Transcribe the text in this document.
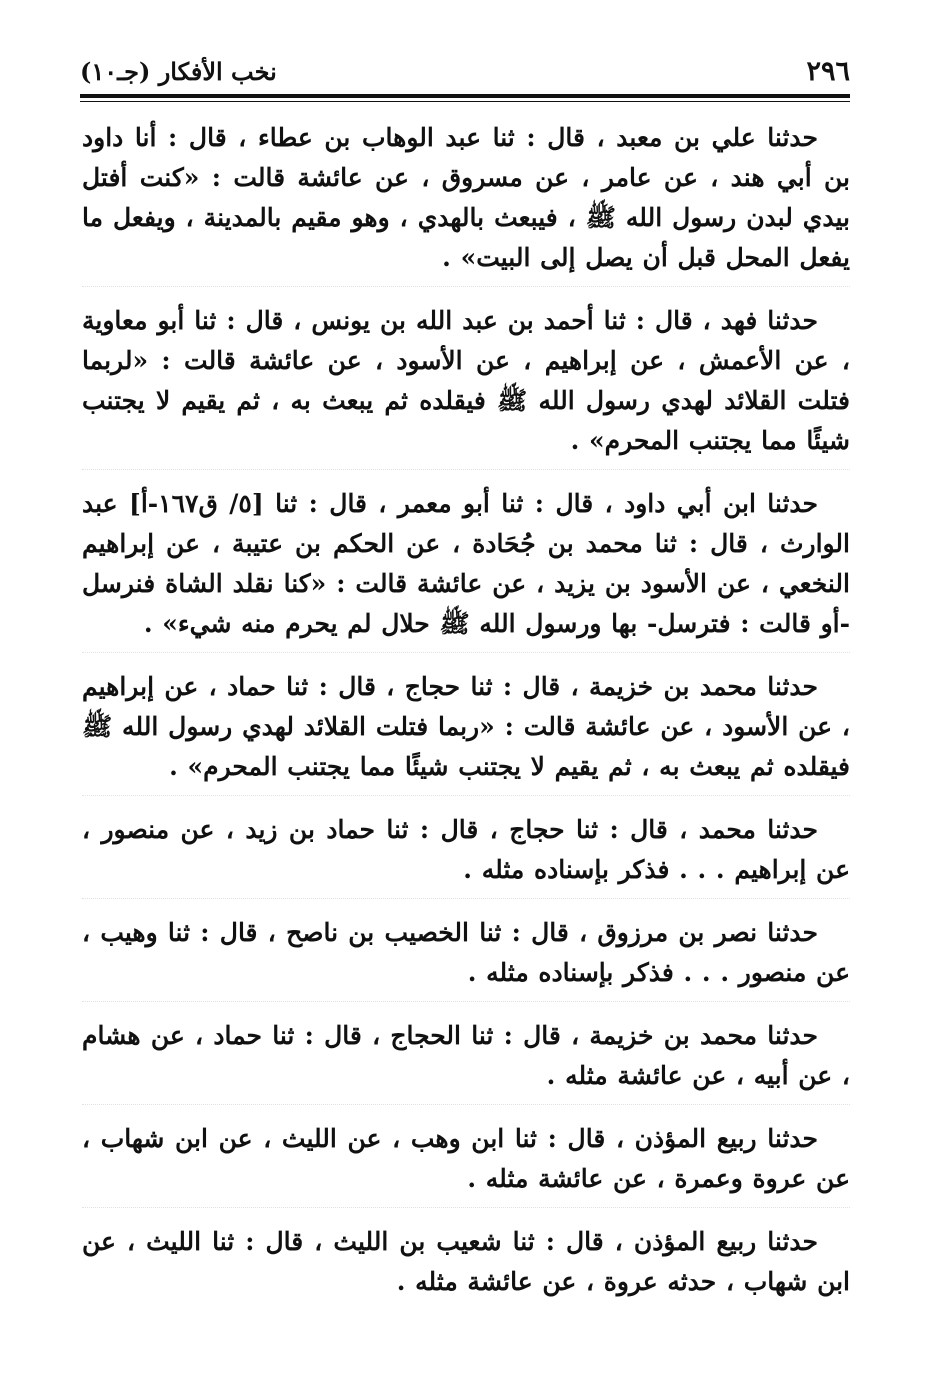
٢٩٦
نخب الأفكار (جـ١٠)

حدثنا علي بن معبد ، قال : ثنا عبد الوهاب بن عطاء ، قال : أنا داود بن أبي هند ، عن عامر ، عن مسروق ، عن عائشة قالت : «كنت أفتل بيدي لبدن رسول الله ﷺ ، فيبعث بالهدي ، وهو مقيم بالمدينة ، ويفعل ما يفعل المحل قبل أن يصل إلى البيت» .

حدثنا فهد ، قال : ثنا أحمد بن عبد الله بن يونس ، قال : ثنا أبو معاوية ، عن الأعمش ، عن إبراهيم ، عن الأسود ، عن عائشة قالت : «لربما فتلت القلائد لهدي رسول الله ﷺ فيقلده ثم يبعث به ، ثم يقيم لا يجتنب شيئًا مما يجتنب المحرم» .

حدثنا ابن أبي داود ، قال : ثنا أبو معمر ، قال : ثنا [٥/ ق١٦٧-أ] عبد الوارث ، قال : ثنا محمد بن جُحَادة ، عن الحكم بن عتيبة ، عن إبراهيم النخعي ، عن الأسود بن يزيد ، عن عائشة قالت : «كنا نقلد الشاة فنرسل -أو قالت : فترسل- بها ورسول الله ﷺ حلال لم يحرم منه شيء» .

حدثنا محمد بن خزيمة ، قال : ثنا حجاج ، قال : ثنا حماد ، عن إبراهيم ، عن الأسود ، عن عائشة قالت : «ربما فتلت القلائد لهدي رسول الله ﷺ فيقلده ثم يبعث به ، ثم يقيم لا يجتنب شيئًا مما يجتنب المحرم» .

حدثنا محمد ، قال : ثنا حجاج ، قال : ثنا حماد بن زيد ، عن منصور ، عن إبراهيم . . . فذكر بإسناده مثله .

حدثنا نصر بن مرزوق ، قال : ثنا الخصيب بن ناصح ، قال : ثنا وهيب ، عن منصور . . . فذكر بإسناده مثله .

حدثنا محمد بن خزيمة ، قال : ثنا الحجاج ، قال : ثنا حماد ، عن هشام ، عن أبيه ، عن عائشة مثله .

حدثنا ربيع المؤذن ، قال : ثنا ابن وهب ، عن الليث ، عن ابن شهاب ، عن عروة وعمرة ، عن عائشة مثله .

حدثنا ربيع المؤذن ، قال : ثنا شعيب بن الليث ، قال : ثنا الليث ، عن ابن شهاب ، حدثه عروة ، عن عائشة مثله .
